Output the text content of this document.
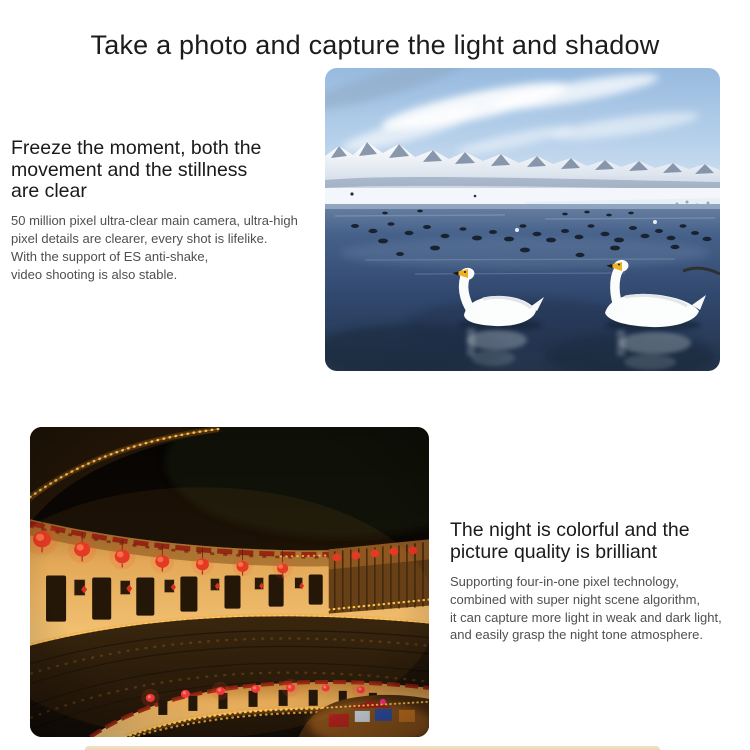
Take a photo and capture the light and shadow
Freeze the moment, both the
movement and the stillness
are clear
50 million pixel ultra-clear main camera, ultra-high
pixel details are clearer, every shot is lifelike.
With the support of ES anti-shake,
video shooting is also stable.
The night is colorful and the
picture quality is brilliant
Supporting four-in-one pixel technology,
combined with super night scene algorithm,
it can capture more light in weak and dark light,
and easily grasp the night tone atmosphere.
